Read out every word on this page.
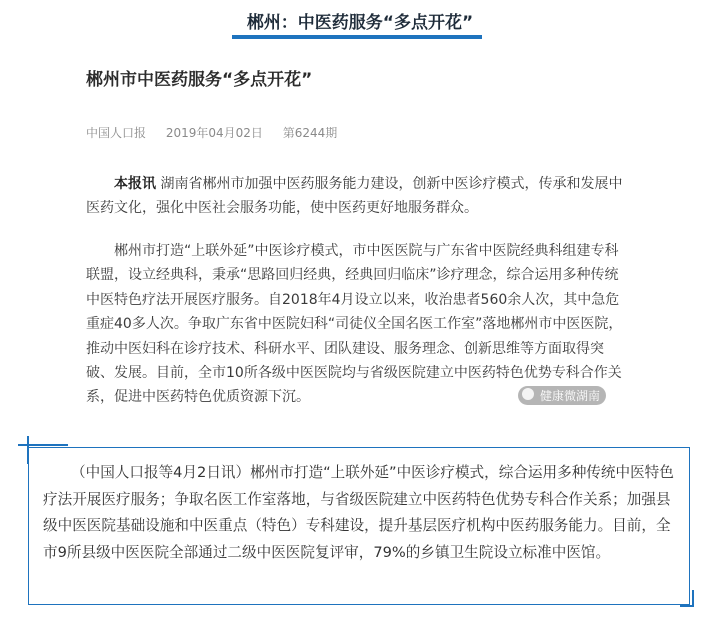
郴州：中医药服务“多点开花”
郴州市中医药服务“多点开花”
中国人口报 2019年04月02日 第6244期

本报讯 湖南省郴州市加强中医药服务能力建设，创新中医诊疗模式，传承和发展中医药文化，强化中医社会服务功能，使中医药更好地服务群众。

郴州市打造“上联外延”中医诊疗模式，市中医医院与广东省中医院经典科组建专科联盟，设立经典科，秉承“思路回归经典，经典回归临床”诊疗理念，综合运用多种传统中医特色疗法开展医疗服务。自2018年4月设立以来，收治患者560余人次，其中急危重症40多人次。争取广东省中医院妇科“司徒仪全国名医工作室”落地郴州市中医医院，推动中医妇科在诊疗技术、科研水平、团队建设、服务理念、创新思维等方面取得突破、发展。目前，全市10所各级中医医院均与省级医院建立中医药特色优势专科合作关系，促进中医药特色优质资源下沉。	健康微湖南

（中国人口报等4月2日讯）郴州市打造“上联外延”中医诊疗模式，综合运用多种传统中医特色疗法开展医疗服务；争取名医工作室落地，与省级医院建立中医药特色优势专科合作关系；加强县级中医医院基础设施和中医重点（特色）专科建设，提升基层医疗机构中医药服务能力。目前，全市9所县级中医医院全部通过二级中医医院复评审，79%的乡镇卫生院设立标准中医馆。
